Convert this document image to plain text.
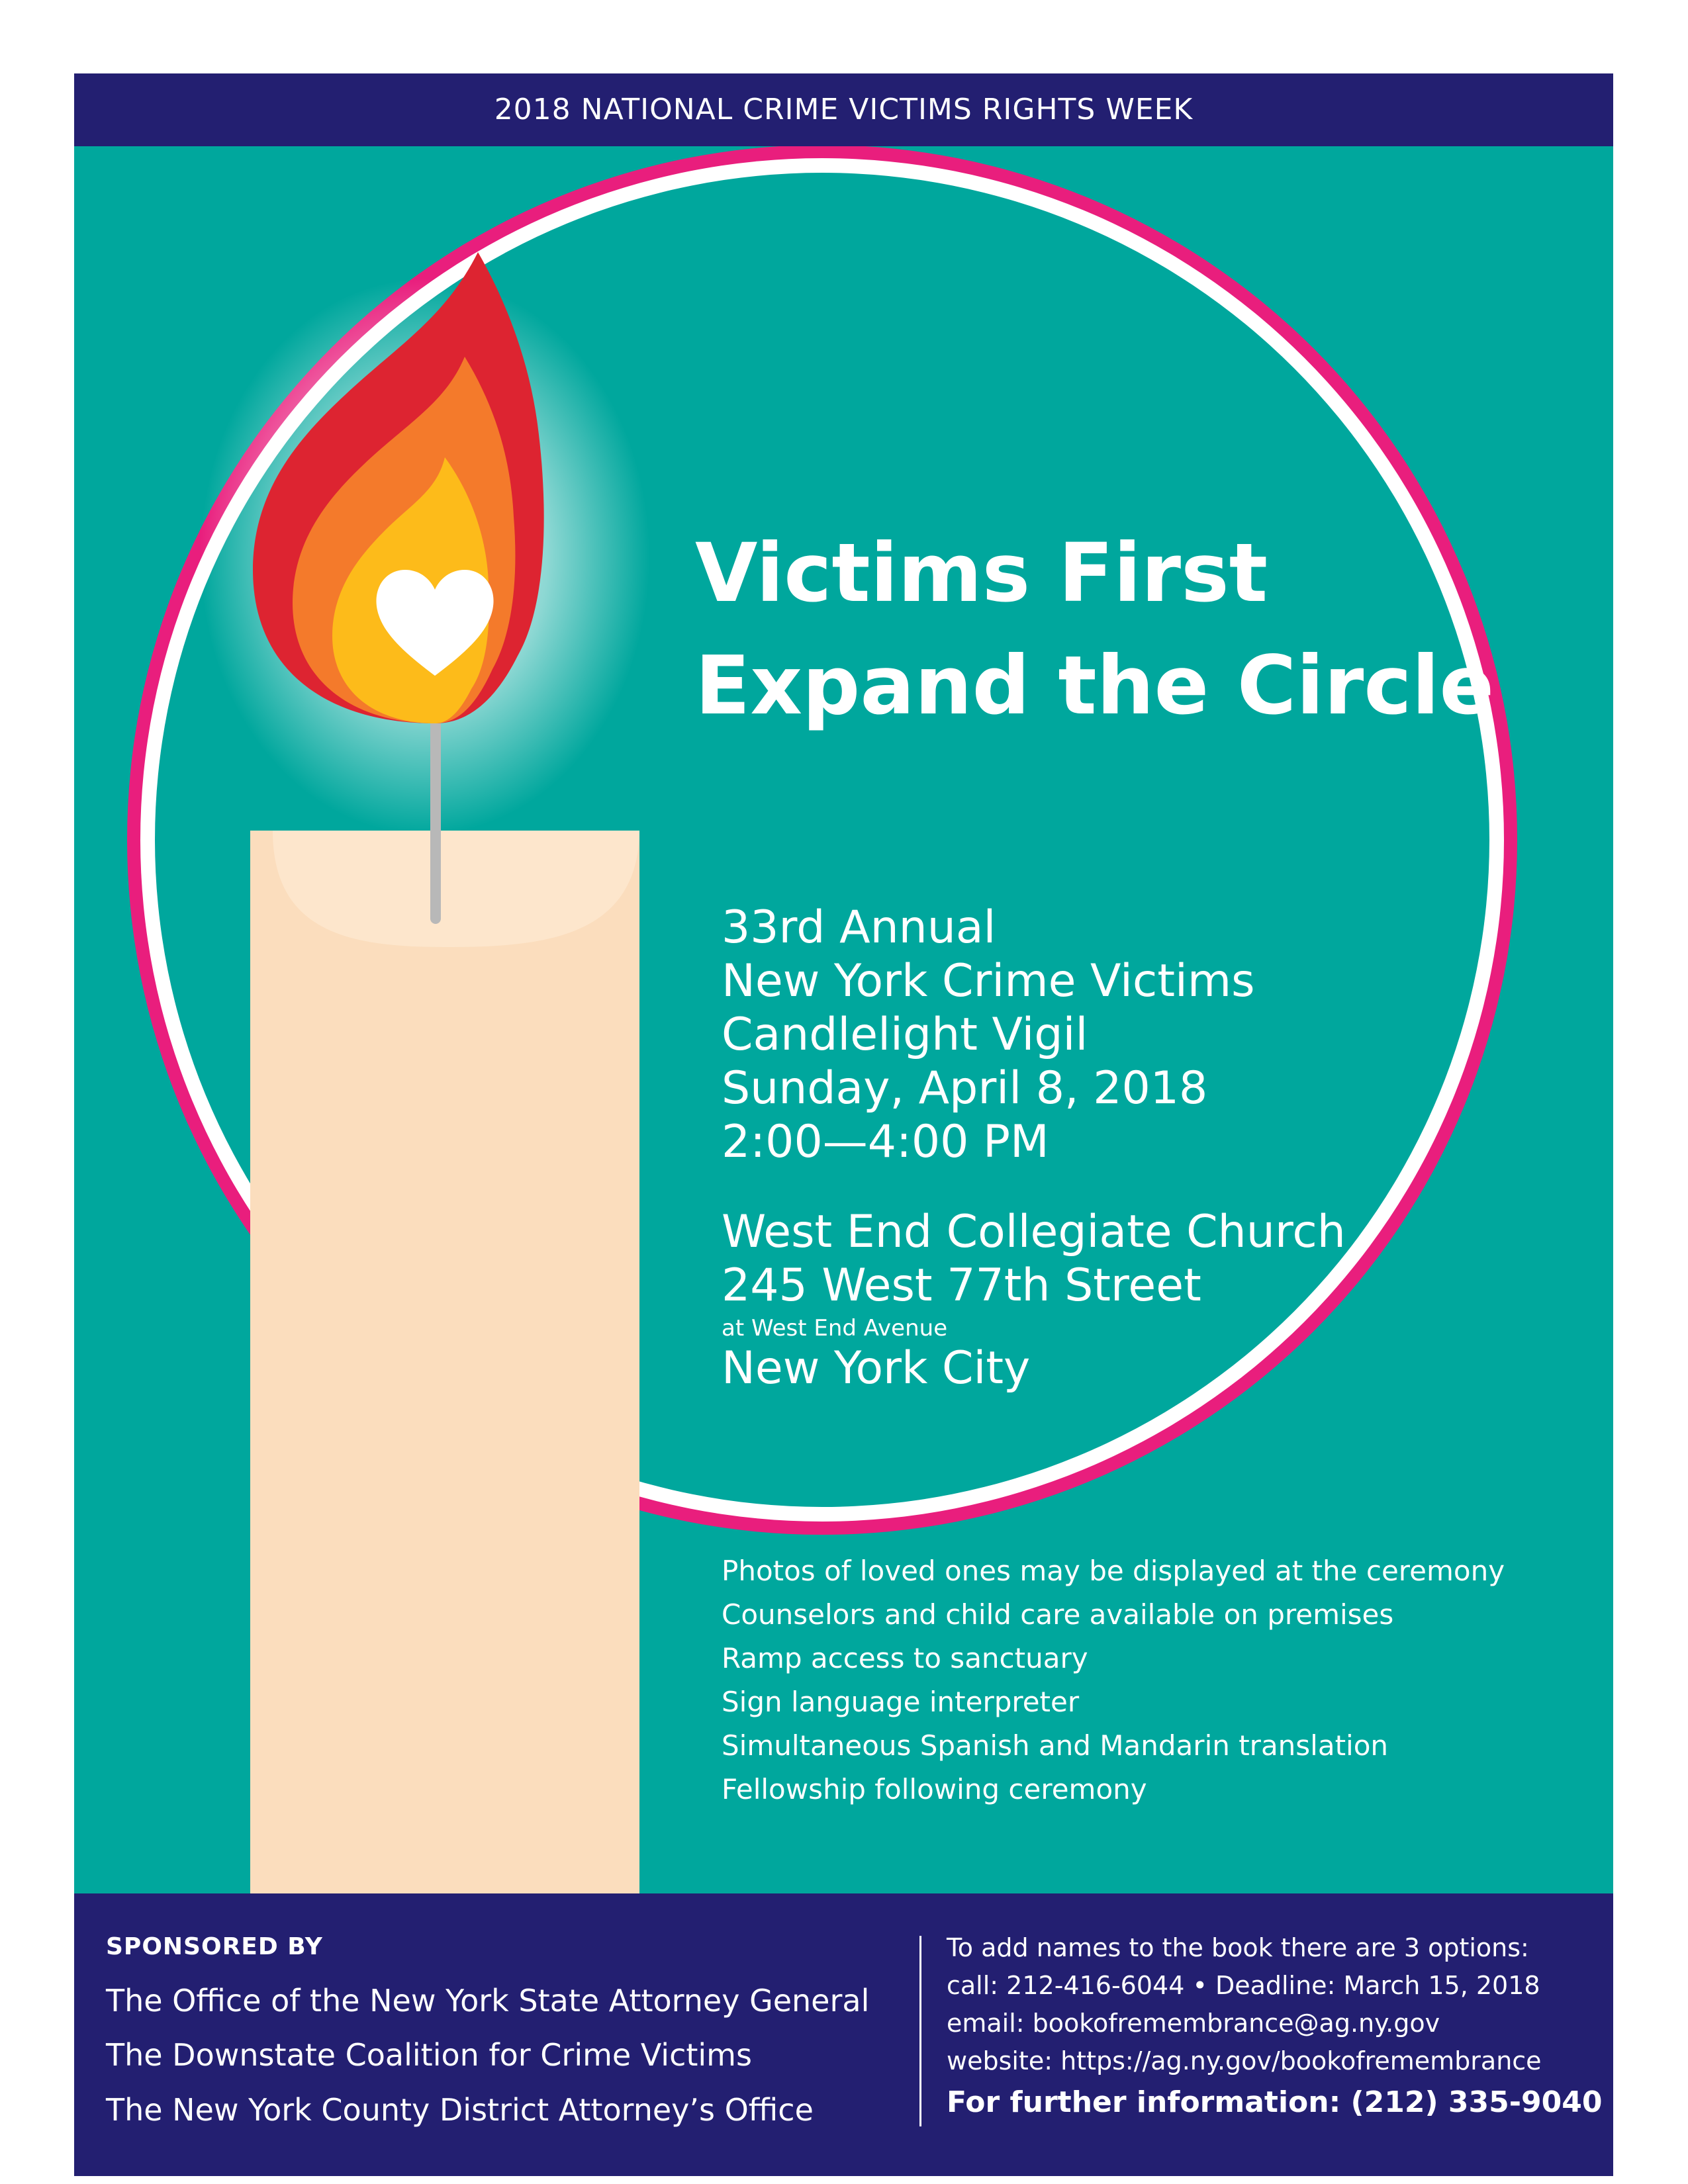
2018 NATIONAL CRIME VICTIMS RIGHTS WEEK
Victims First
Expand the Circle
33rd Annual
New York Crime Victims
Candlelight Vigil
Sunday, April 8, 2018
2:00—4:00 PM
West End Collegiate Church
245 West 77th Street
at West End Avenue
New York City
Photos of loved ones may be displayed at the ceremony
Counselors and child care available on premises
Ramp access to sanctuary
Sign language interpreter
Simultaneous Spanish and Mandarin translation
Fellowship following ceremony
SPONSORED BY
The Office of the New York State Attorney General
The Downstate Coalition for Crime Victims
The New York County District Attorney’s Office
To add names to the book there are 3 options:
call: 212-416-6044 • Deadline: March 15, 2018
email: bookofremembrance@ag.ny.gov
website: https://ag.ny.gov/bookofremembrance
For further information: (212) 335-9040
